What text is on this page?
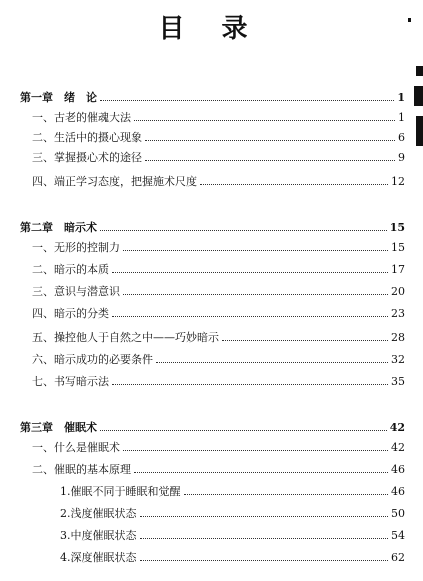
目 录
第一章　绪　论	1
一、古老的催魂大法	1
二、生活中的摄心现象	6
三、掌握摄心术的途径	9
四、端正学习态度，把握施术尺度	12
第二章　暗示术	15
一、无形的控制力	15
二、暗示的本质	17
三、意识与潜意识	20
四、暗示的分类	23
五、操控他人于自然之中——巧妙暗示	28
六、暗示成功的必要条件	32
七、书写暗示法	35
第三章　催眠术	42
一、什么是催眠术	42
二、催眠的基本原理	46
1.催眠不同于睡眠和觉醒	46
2.浅度催眠状态	50
3.中度催眠状态	54
4.深度催眠状态	62
